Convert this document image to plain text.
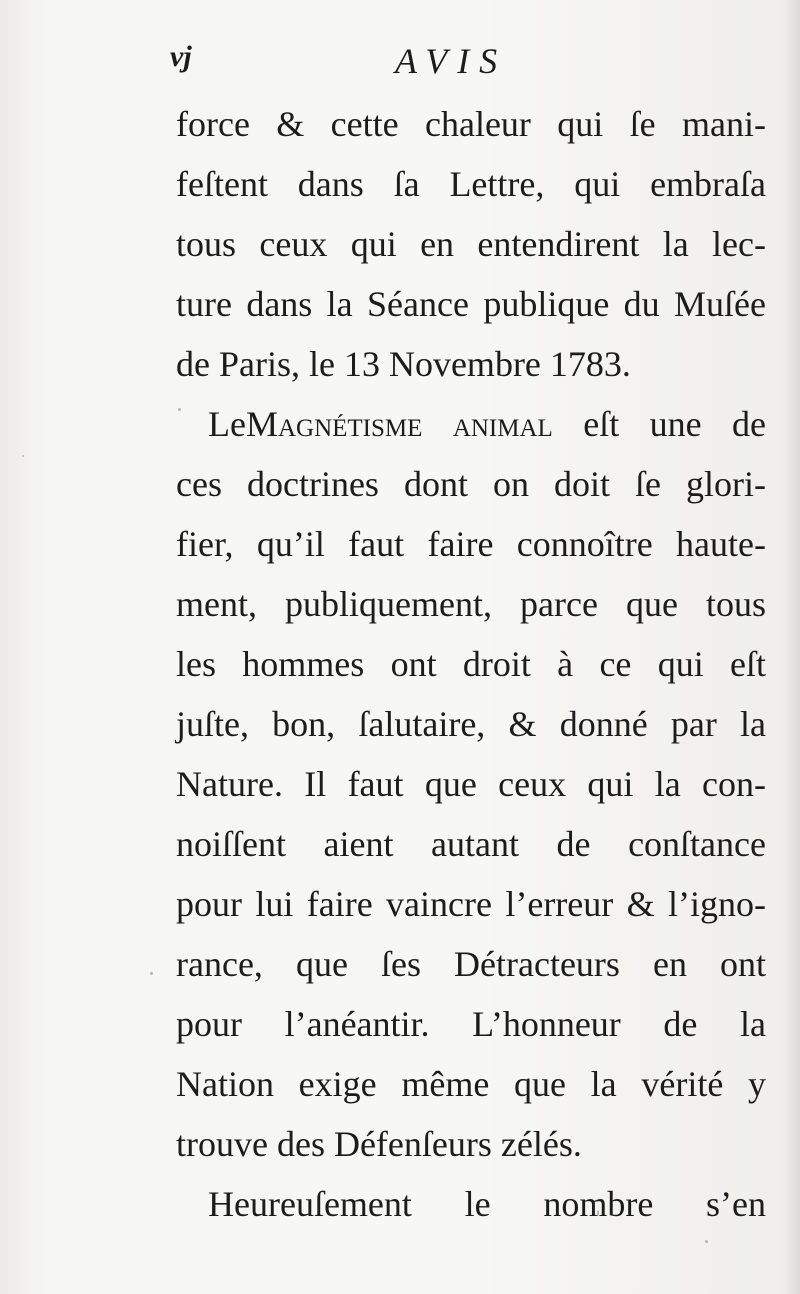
vj	AVIS
force & cette chaleur qui ſe mani-
feſtent dans ſa Lettre, qui embraſa
tous ceux qui en entendirent la lec-
ture dans la Séance publique du Muſée
de Paris, le 13 Novembre 1783.
LeMagnétisme animal eſt une de
ces doctrines dont on doit ſe glori-
fier, qu’il faut faire connoître haute-
ment, publiquement, parce que tous
les hommes ont droit à ce qui eſt
juſte, bon, ſalutaire, & donné par la
Nature. Il faut que ceux qui la con-
noiſſent aient autant de conſtance
pour lui faire vaincre l’erreur & l’igno-
rance, que ſes Détracteurs en ont
pour l’anéantir. L’honneur de la
Nation exige même que la vérité y
trouve des Défenſeurs zélés.
Heureuſement le nombre s’en
